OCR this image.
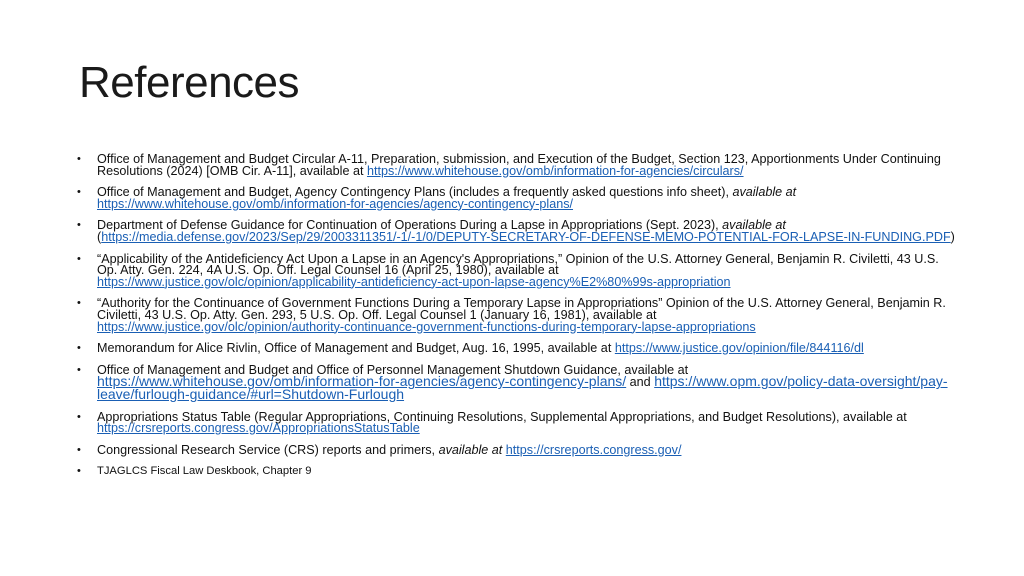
References
• Office of Management and Budget Circular A-11, Preparation, submission, and Execution of the Budget, Section 123, Apportionments Under Continuing Resolutions (2024) [OMB Cir. A-11], available at https://www.whitehouse.gov/omb/information-for-agencies/circulars/
• Office of Management and Budget, Agency Contingency Plans (includes a frequently asked questions info sheet), available at
https://www.whitehouse.gov/omb/information-for-agencies/agency-contingency-plans/
• Department of Defense Guidance for Continuation of Operations During a Lapse in Appropriations (Sept. 2023), available at
(https://media.defense.gov/2023/Sep/29/2003311351/-1/-1/0/DEPUTY-SECRETARY-OF-DEFENSE-MEMO-POTENTIAL-FOR-LAPSE-IN-FUNDING.PDF)
• “Applicability of the Antideficiency Act Upon a Lapse in an Agency's Appropriations,” Opinion of the U.S. Attorney General, Benjamin R. Civiletti, 43 U.S. Op. Atty. Gen. 224, 4A U.S. Op. Off. Legal Counsel 16 (April 25, 1980), available at
https://www.justice.gov/olc/opinion/applicability-antideficiency-act-upon-lapse-agency%E2%80%99s-appropriation
• “Authority for the Continuance of Government Functions During a Temporary Lapse in Appropriations” Opinion of the U.S. Attorney General, Benjamin R. Civiletti, 43 U.S. Op. Atty. Gen. 293, 5 U.S. Op. Off. Legal Counsel 1 (January 16, 1981), available at
https://www.justice.gov/olc/opinion/authority-continuance-government-functions-during-temporary-lapse-appropriations
• Memorandum for Alice Rivlin, Office of Management and Budget, Aug. 16, 1995, available at https://www.justice.gov/opinion/file/844116/dl
• Office of Management and Budget and Office of Personnel Management Shutdown Guidance, available at
https://www.whitehouse.gov/omb/information-for-agencies/agency-contingency-plans/ and https://www.opm.gov/policy-data-oversight/pay-leave/furlough-guidance/#url=Shutdown-Furlough
• Appropriations Status Table (Regular Appropriations, Continuing Resolutions, Supplemental Appropriations, and Budget Resolutions), available at https://crsreports.congress.gov/AppropriationsStatusTable
• Congressional Research Service (CRS) reports and primers, available at https://crsreports.congress.gov/
• TJAGLCS Fiscal Law Deskbook, Chapter 9
